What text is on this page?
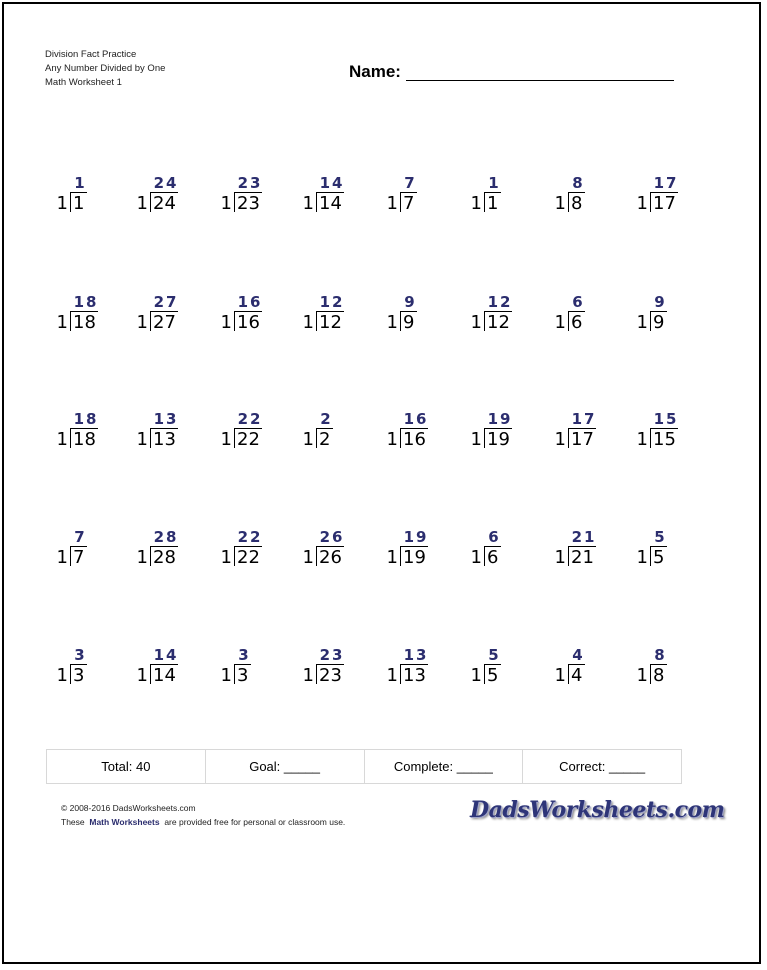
Division Fact Practice
Any Number Divided by One
Math Worksheet 1
Name:
1
1 1
24
1 24
23
1 23
14
1 14
7
1 7
1
1 1
8
1 8
17
1 17
18
1 18
27
1 27
16
1 16
12
1 12
9
1 9
12
1 12
6
1 6
9
1 9
18
1 18
13
1 13
22
1 22
2
1 2
16
1 16
19
1 19
17
1 17
15
1 15
7
1 7
28
1 28
22
1 22
26
1 26
19
1 19
6
1 6
21
1 21
5
1 5
3
1 3
14
1 14
3
1 3
23
1 23
13
1 13
5
1 5
4
1 4
8
1 8
Total: 40	Goal: _____	Complete: _____	Correct: _____
© 2008-2016 DadsWorksheets.com
These Math Worksheets are provided free for personal or classroom use.	DadsWorksheets.com
